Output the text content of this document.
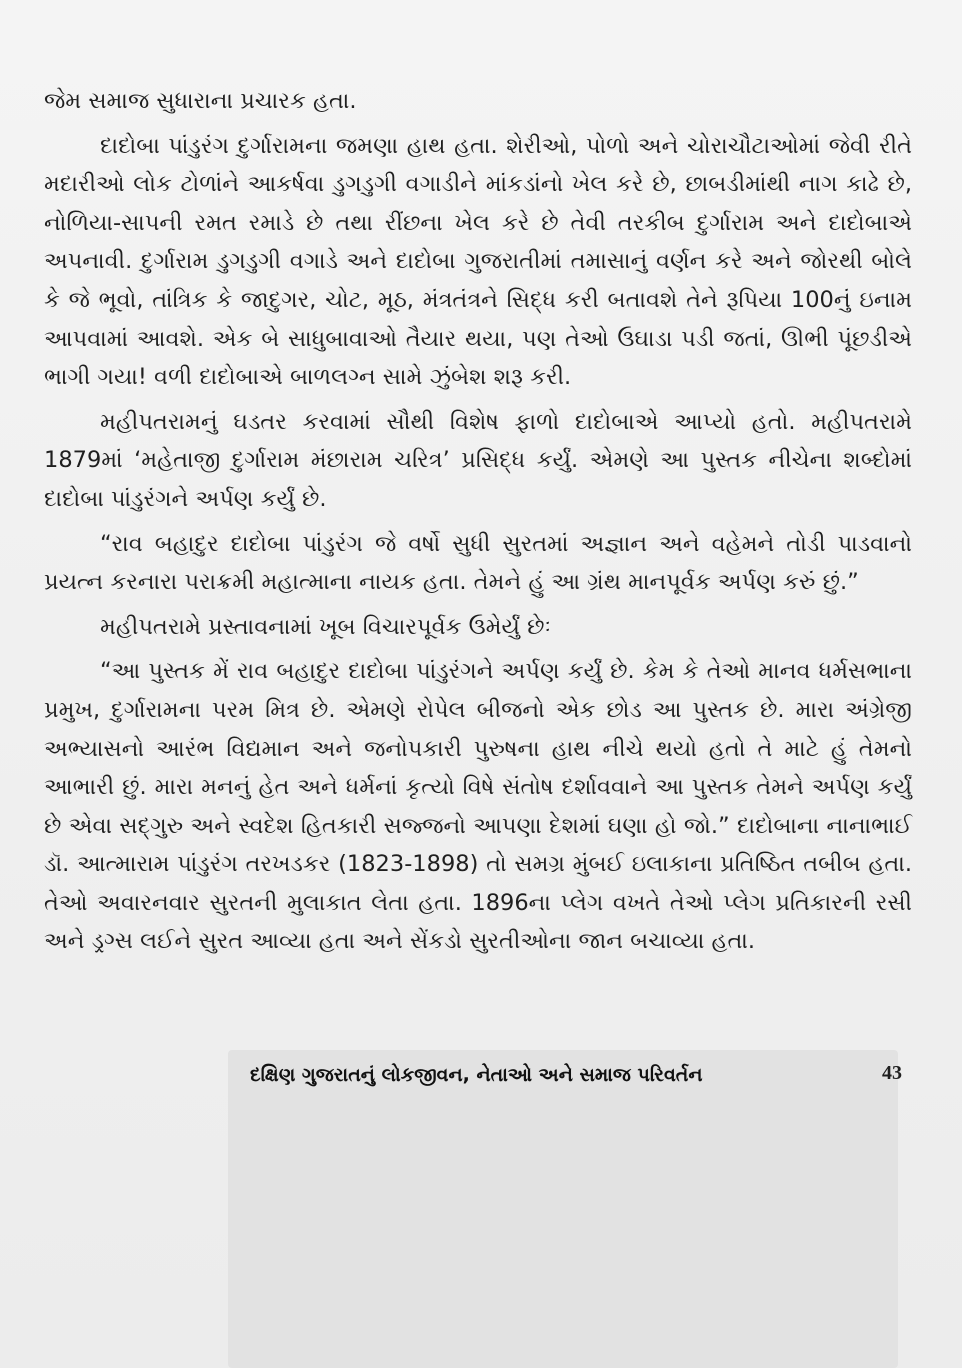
જેમ સમાજ સુધારાના પ્રચારક હતા.

દાદોબા પાંડુરંગ દુર્ગારામના જમણા હાથ હતા. શેરીઓ, પોળો અને ચોરાચૌટાઓમાં જેવી રીતે મદારીઓ લોક ટોળાંને આકર્ષવા ડુગડુગી વગાડીને માંકડાંનો ખેલ કરે છે, છાબડીમાંથી નાગ કાઢે છે, નોળિયા-સાપની રમત રમાડે છે તથા રીંછના ખેલ કરે છે તેવી તરકીબ દુર્ગારામ અને દાદોબાએ અપનાવી. દુર્ગારામ ડુગડુગી વગાડે અને દાદોબા ગુજરાતીમાં તમાસાનું વર્ણન કરે અને જોરથી બોલે કે જે ભૂવો, તાંત્રિક કે જાદુગર, ચોટ, મૂઠ, મંત્રતંત્રને સિદ્ધ કરી બતાવશે તેને રૂપિયા 100નું ઇનામ આપવામાં આવશે. એક બે સાધુબાવાઓ તૈયાર થયા, પણ તેઓ ઉઘાડા પડી જતાં, ઊભી પૂંછડીએ ભાગી ગયા! વળી દાદોબાએ બાળલગ્ન સામે ઝુંબેશ શરૂ કરી.

મહીપતરામનું ઘડતર કરવામાં સૌથી વિશેષ ફાળો દાદોબાએ આપ્યો હતો. મહીપતરામે 1879માં ‘મહેતાજી દુર્ગારામ મંછારામ ચરિત્ર’ પ્રસિદ્ધ કર્યું. એમણે આ પુસ્તક નીચેના શબ્દોમાં દાદોબા પાંડુરંગને અર્પણ કર્યું છે.

“રાવ બહાદુર દાદોબા પાંડુરંગ જે વર્ષો સુધી સુરતમાં અજ્ઞાન અને વહેમને તોડી પાડવાનો પ્રયત્ન કરનારા પરાક્રમી મહાત્માના નાયક હતા. તેમને હું આ ગ્રંથ માનપૂર્વક અર્પણ કરું છું.”

મહીપતરામે પ્રસ્તાવનામાં ખૂબ વિચારપૂર્વક ઉમેર્યું છેઃ

“આ પુસ્તક મેં રાવ બહાદુર દાદોબા પાંડુરંગને અર્પણ કર્યું છે. કેમ કે તેઓ માનવ ધર્મસભાના પ્રમુખ, દુર્ગારામના પરમ મિત્ર છે. એમણે રોપેલ બીજનો એક છોડ આ પુસ્તક છે. મારા અંગ્રેજી અભ્યાસનો આરંભ વિદ્યમાન અને જનોપકારી પુરુષના હાથ નીચે થયો હતો તે માટે હું તેમનો આભારી છું. મારા મનનું હેત અને ધર્મનાં કૃત્યો વિષે સંતોષ દર્શાવવાને આ પુસ્તક તેમને અર્પણ કર્યું છે એવા સદ્ગુરુ અને સ્વદેશ હિતકારી સજ્જનો આપણા દેશમાં ઘણા હો જો.” દાદોબાના નાનાભાઈ ડૉ. આત્મારામ પાંડુરંગ તરખડકર (1823-1898) તો સમગ્ર મુંબઈ ઇલાકાના પ્રતિષ્ઠિત તબીબ હતા. તેઓ અવારનવાર સુરતની મુલાકાત લેતા હતા. 1896ના પ્લેગ વખતે તેઓ પ્લેગ પ્રતિકારની રસી અને ડ્રગ્સ લઈને સુરત આવ્યા હતા અને સેંકડો સુરતીઓના જાન બચાવ્યા હતા.

દક્ષિણ ગુજરાતનું લોકજીવન, નેતાઓ અને સમાજ પરિવર્તન	43
